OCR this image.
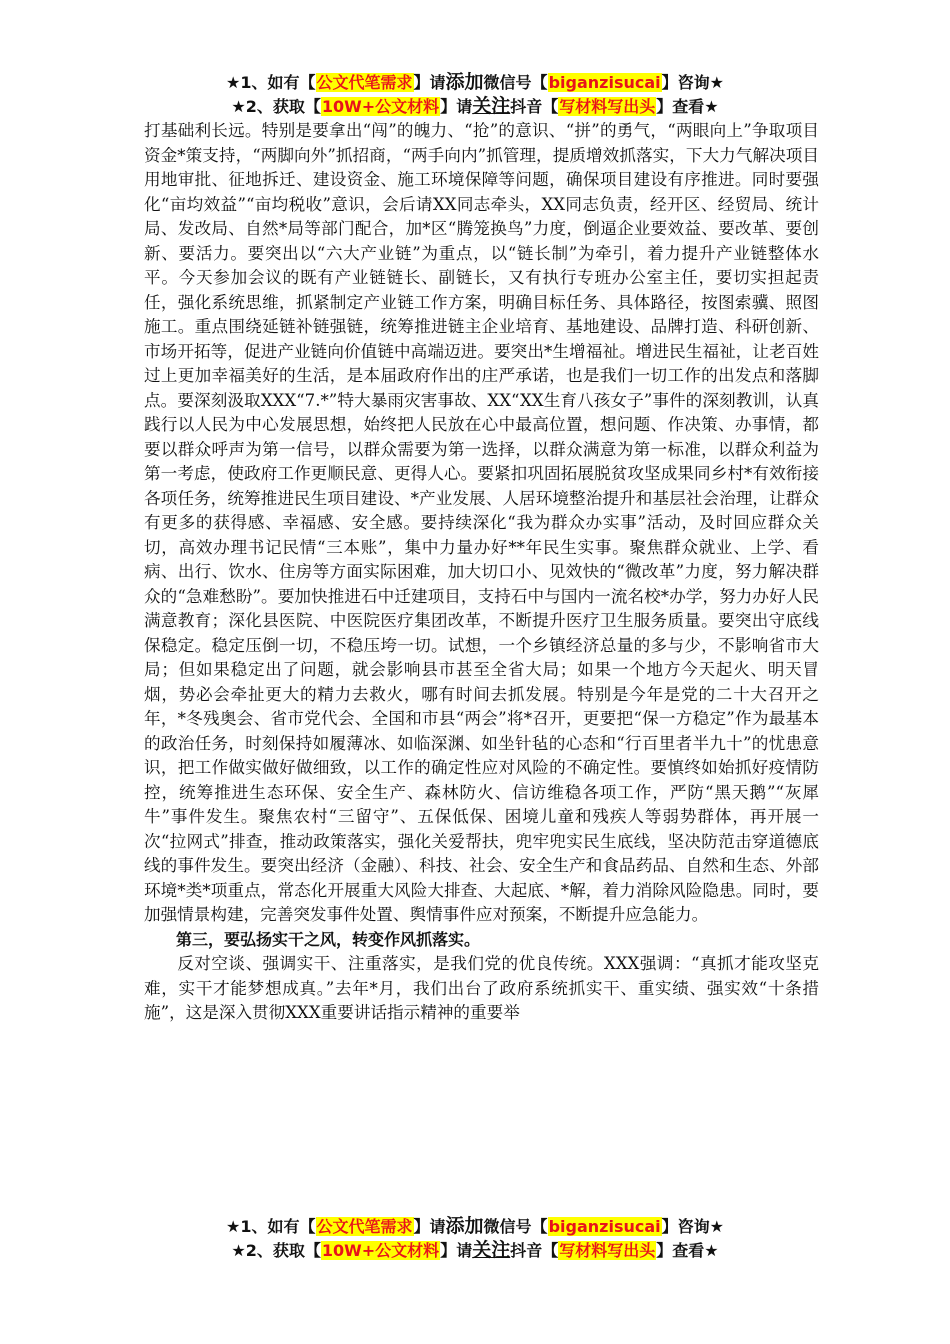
★1、如有【公文代笔需求】请添加微信号【biganzisucai】咨询★
★2、获取【10W+公文材料】请关注抖音【写材料写出头】查看★

打基础利长远。特别是要拿出“闯”的魄力、“抢”的意识、“拼”的勇气，“两眼向上”争取项目资金*策支持，“两脚向外”抓招商，“两手向内”抓管理，提质增效抓落实，下大力气解决项目用地审批、征地拆迁、建设资金、施工环境保障等问题，确保项目建设有序推进。同时要强化“亩均效益”“亩均税收”意识，会后请XX同志牵头，XX同志负责，经开区、经贸局、统计局、发改局、自然*局等部门配合，加*区“腾笼换鸟”力度，倒逼企业要效益、要改革、要创新、要活力。要突出以“六大产业链”为重点，以“链长制”为牵引，着力提升产业链整体水平。今天参加会议的既有产业链链长、副链长，又有执行专班办公室主任，要切实担起责任，强化系统思维，抓紧制定产业链工作方案，明确目标任务、具体路径，按图索骥、照图施工。重点围绕延链补链强链，统筹推进链主企业培育、基地建设、品牌打造、科研创新、市场开拓等，促进产业链向价值链中高端迈进。要突出*生增福祉。增进民生福祉，让老百姓过上更加幸福美好的生活，是本届政府作出的庄严承诺，也是我们一切工作的出发点和落脚点。要深刻汲取XXX“7.*”特大暴雨灾害事故、XX“XX生育八孩女子”事件的深刻教训，认真践行以人民为中心发展思想，始终把人民放在心中最高位置，想问题、作决策、办事情，都要以群众呼声为第一信号，以群众需要为第一选择，以群众满意为第一标准，以群众利益为第一考虑，使政府工作更顺民意、更得人心。要紧扣巩固拓展脱贫攻坚成果同乡村*有效衔接各项任务，统筹推进民生项目建设、*产业发展、人居环境整治提升和基层社会治理，让群众有更多的获得感、幸福感、安全感。要持续深化“我为群众办实事”活动，及时回应群众关切，高效办理书记民情“三本账”，集中力量办好**年民生实事。聚焦群众就业、上学、看病、出行、饮水、住房等方面实际困难，加大切口小、见效快的“微改革”力度，努力解决群众的“急难愁盼”。要加快推进石中迁建项目，支持石中与国内一流名校*办学，努力办好人民满意教育；深化县医院、中医院医疗集团改革，不断提升医疗卫生服务质量。要突出守底线保稳定。稳定压倒一切，不稳压垮一切。试想，一个乡镇经济总量的多与少，不影响省市大局；但如果稳定出了问题，就会影响县市甚至全省大局；如果一个地方今天起火、明天冒烟，势必会牵扯更大的精力去救火，哪有时间去抓发展。特别是今年是党的二十大召开之年，*冬残奥会、省市党代会、全国和市县“两会”将*召开，更要把“保一方稳定”作为最基本的政治任务，时刻保持如履薄冰、如临深渊、如坐针毡的心态和“行百里者半九十”的忧患意识，把工作做实做好做细致，以工作的确定性应对风险的不确定性。要慎终如始抓好疫情防控，统筹推进生态环保、安全生产、森林防火、信访维稳各项工作，严防“黑天鹅”“灰犀牛”事件发生。聚焦农村“三留守”、五保低保、困境儿童和残疾人等弱势群体，再开展一次“拉网式”排查，推动政策落实，强化关爱帮扶，兜牢兜实民生底线，坚决防范击穿道德底线的事件发生。要突出经济（金融）、科技、社会、安全生产和食品药品、自然和生态、外部环境*类*项重点，常态化开展重大风险大排查、大起底、*解，着力消除风险隐患。同时，要加强情景构建，完善突发事件处置、舆情事件应对预案，不断提升应急能力。

第三，要弘扬实干之风，转变作风抓落实。

反对空谈、强调实干、注重落实，是我们党的优良传统。XXX强调：“真抓才能攻坚克难，实干才能梦想成真。”去年*月，我们出台了政府系统抓实干、重实绩、强实效“十条措施”，这是深入贯彻XXX重要讲话指示精神的重要举

★1、如有【公文代笔需求】请添加微信号【biganzisucai】咨询★
★2、获取【10W+公文材料】请关注抖音【写材料写出头】查看★
